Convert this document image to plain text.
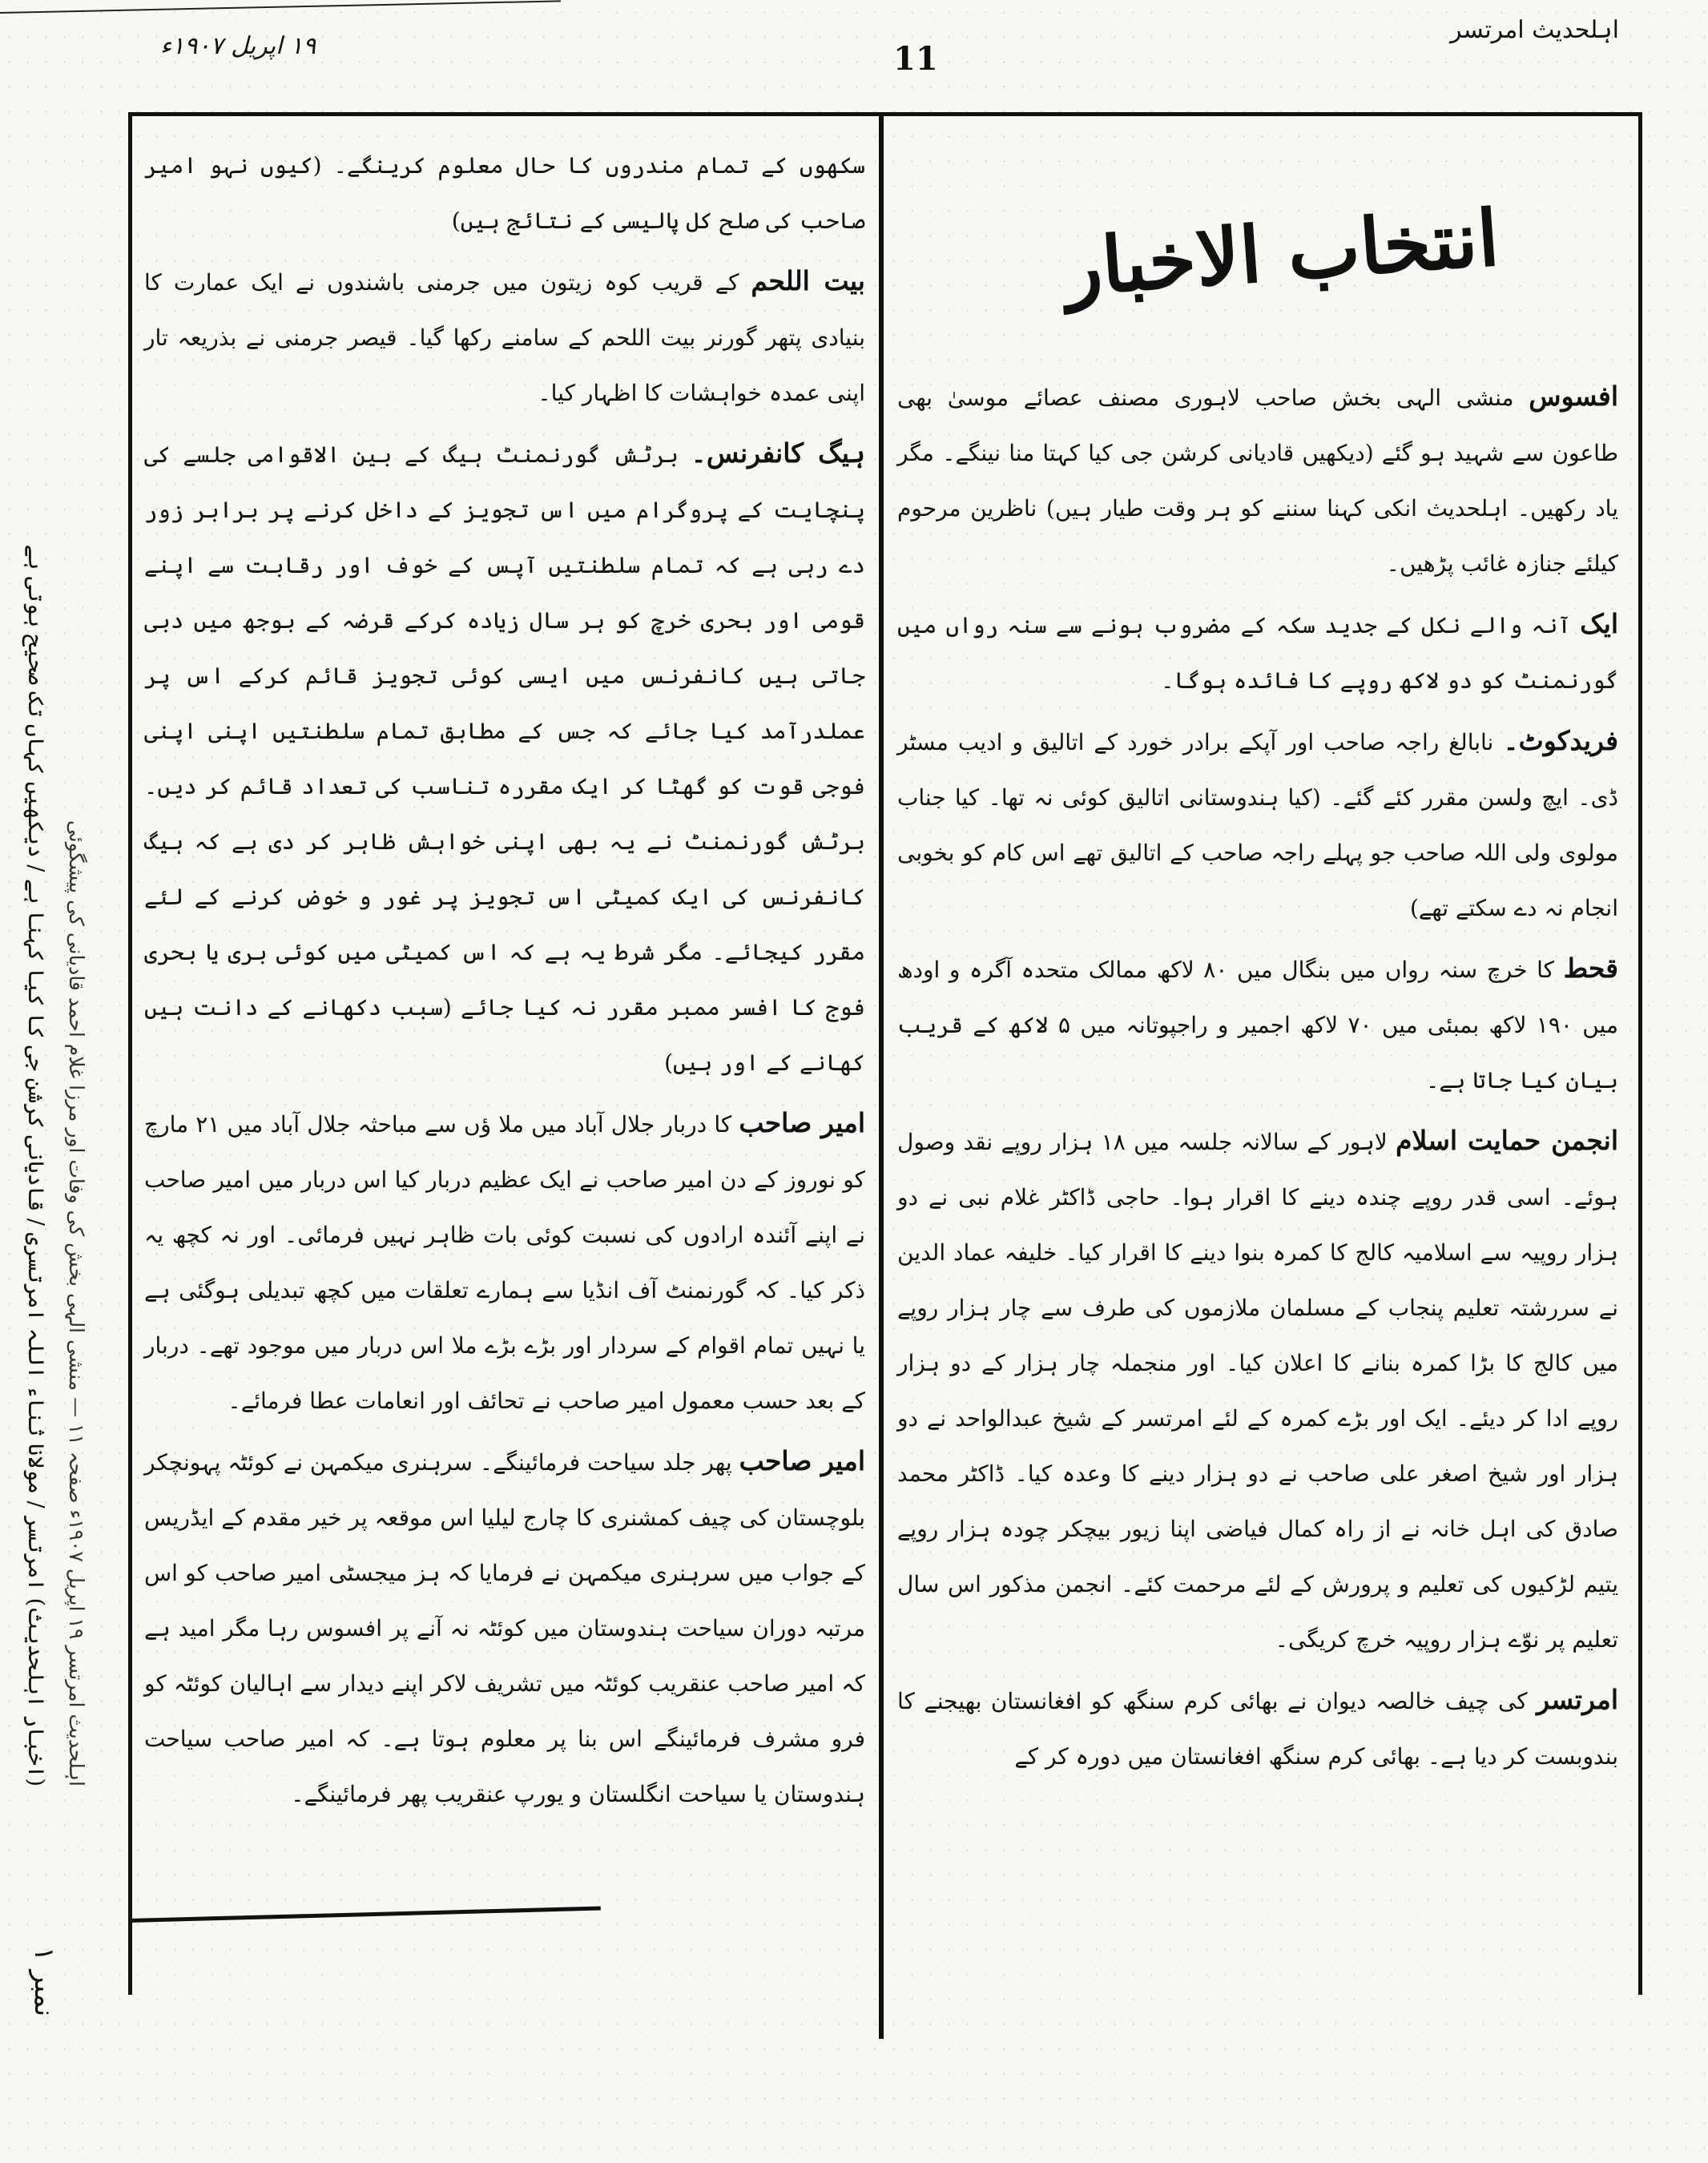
۱۹ اپریل ۱۹۰۷ء	11
اہلحدیث امرتسر
(اخبار اہلحدیث) امرتسر / مولانا ثناء اللہ امرتسری / قادیانی کرشن جی کا کیا کہنا ہے / دیکھیں کہاں تک صحیح ہوتی ہے اہلحدیث امرتسر ۱۹ اپریل ۱۹۰۷ء صفحہ ۱۱ — منشی الہی بخش کی وفات اور مرزا غلام احمد قادیانی کی پیشگوئی
نمبر ۱
انتخاب الاخبار

افسوس منشی الہی بخش صاحب لاہوری مصنف عصائے موسیٰ بھی طاعون سے شہید ہو گئے (دیکھیں قادیانی کرشن جی کیا کہتا منا نینگے۔ مگر یاد رکھیں۔ اہلحدیث انکی کہنا سننے کو ہر وقت طیار ہیں) ناظرین مرحوم کیلئے جنازہ غائب پڑھیں۔

ایک آنہ والے نکل کے جدید سکہ کے مضروب ہونے سے سنہ رواں میں گورنمنٹ کو دو لاکھ روپے کا فائدہ ہوگا۔

فریدکوٹ۔ نابالغ راجہ صاحب اور آپکے برادر خورد کے اتالیق و ادیب مسٹر ڈی۔ ایچ ولسن مقرر کئے گئے۔ (کیا ہندوستانی اتالیق کوئی نہ تھا۔ کیا جناب مولوی ولی اللہ صاحب جو پہلے راجہ صاحب کے اتالیق تھے اس کام کو بخوبی انجام نہ دے سکتے تھے)

قحط کا خرچ سنہ رواں میں بنگال میں ۸۰ لاکھ ممالک متحدہ آگرہ و اودھ میں ۱۹۰ لاکھ بمبئی میں ۷۰ لاکھ اجمیر و راجپوتانہ میں ۵ لاکھ کے قریب بیان کیا جاتا ہے۔

انجمن حمایت اسلام لاہور کے سالانہ جلسہ میں ۱۸ ہزار روپے نقد وصول ہوئے۔ اسی قدر روپے چندہ دینے کا اقرار ہوا۔ حاجی ڈاکٹر غلام نبی نے دو ہزار روپیہ سے اسلامیہ کالج کا کمرہ بنوا دینے کا اقرار کیا۔ خلیفہ عماد الدین نے سررشتہ تعلیم پنجاب کے مسلمان ملازموں کی طرف سے چار ہزار روپے میں کالج کا بڑا کمرہ بنانے کا اعلان کیا۔ اور منجملہ چار ہزار کے دو ہزار روپے ادا کر دیئے۔ ایک اور بڑے کمرہ کے لئے امرتسر کے شیخ عبدالواحد نے دو ہزار اور شیخ اصغر علی صاحب نے دو ہزار دینے کا وعدہ کیا۔ ڈاکٹر محمد صادق کی اہل خانہ نے از راہ کمال فیاضی اپنا زیور بیچکر چودہ ہزار روپے یتیم لڑکیوں کی تعلیم و پرورش کے لئے مرحمت کئے۔ انجمن مذکور اس سال تعلیم پر نوّے ہزار روپیہ خرچ کریگی۔

امرتسر کی چیف خالصہ دیوان نے بھائی کرم سنگھ کو افغانستان بھیجنے کا بندوبست کر دیا ہے۔ بھائی کرم سنگھ افغانستان میں دورہ کر کے

سکھوں کے تمام مندروں کا حال معلوم کرینگے۔ (کیوں نہو امیر صاحب کی صلح کل پالیسی کے نتائج ہیں)

بیت اللحم کے قریب کوہ زیتون میں جرمنی باشندوں نے ایک عمارت کا بنیادی پتھر گورنر بیت اللحم کے سامنے رکھا گیا۔ قیصر جرمنی نے بذریعہ تار اپنی عمدہ خواہشات کا اظہار کیا۔

ہیگ کانفرنس۔ برٹش گورنمنٹ ہیگ کے بین الاقوامی جلسے کی پنچایت کے پروگرام میں اس تجویز کے داخل کرنے پر برابر زور دے رہی ہے کہ تمام سلطنتیں آپس کے خوف اور رقابت سے اپنے قومی اور بحری خرچ کو ہر سال زیادہ کرکے قرضہ کے بوجھ میں دبی جاتی ہیں کانفرنس میں ایسی کوئی تجویز قائم کرکے اس پر عملدرآمد کیا جائے کہ جس کے مطابق تمام سلطنتیں اپنی اپنی فوجی قوت کو گھٹا کر ایک مقررہ تناسب کی تعداد قائم کر دیں۔ برٹش گورنمنٹ نے یہ بھی اپنی خواہش ظاہر کر دی ہے کہ ہیگ کانفرنس کی ایک کمیٹی اس تجویز پر غور و خوض کرنے کے لئے مقرر کیجائے۔ مگر شرط یہ ہے کہ اس کمیٹی میں کوئی بری یا بحری فوج کا افسر ممبر مقرر نہ کیا جائے (سبب دکھانے کے دانت ہیں کھانے کے اور ہیں)

امیر صاحب کا دربار جلال آباد میں ملا ؤں سے مباحثہ جلال آباد میں ۲۱ مارچ کو نوروز کے دن امیر صاحب نے ایک عظیم دربار کیا اس دربار میں امیر صاحب نے اپنے آئندہ ارادوں کی نسبت کوئی بات ظاہر نہیں فرمائی۔ اور نہ کچھ یہ ذکر کیا۔ کہ گورنمنٹ آف انڈیا سے ہمارے تعلقات میں کچھ تبدیلی ہوگئی ہے یا نہیں تمام اقوام کے سردار اور بڑے بڑے ملا اس دربار میں موجود تھے۔ دربار کے بعد حسب معمول امیر صاحب نے تحائف اور انعامات عطا فرمائے۔

امیر صاحب پھر جلد سیاحت فرمائینگے۔ سرہنری میکمہن نے کوئٹہ پہونچکر بلوچستان کی چیف کمشنری کا چارج لیلیا اس موقعہ پر خیر مقدم کے ایڈریس کے جواب میں سرہنری میکمہن نے فرمایا کہ ہز میجسٹی امیر صاحب کو اس مرتبہ دوران سیاحت ہندوستان میں کوئٹہ نہ آنے پر افسوس رہا مگر امید ہے کہ امیر صاحب عنقریب کوئٹہ میں تشریف لاکر اپنے دیدار سے اہالیان کوئٹہ کو فرو مشرف فرمائینگے اس بنا پر معلوم ہوتا ہے۔ کہ امیر صاحب سیاحت ہندوستان یا سیاحت انگلستان و یورپ عنقریب پھر فرمائینگے۔
